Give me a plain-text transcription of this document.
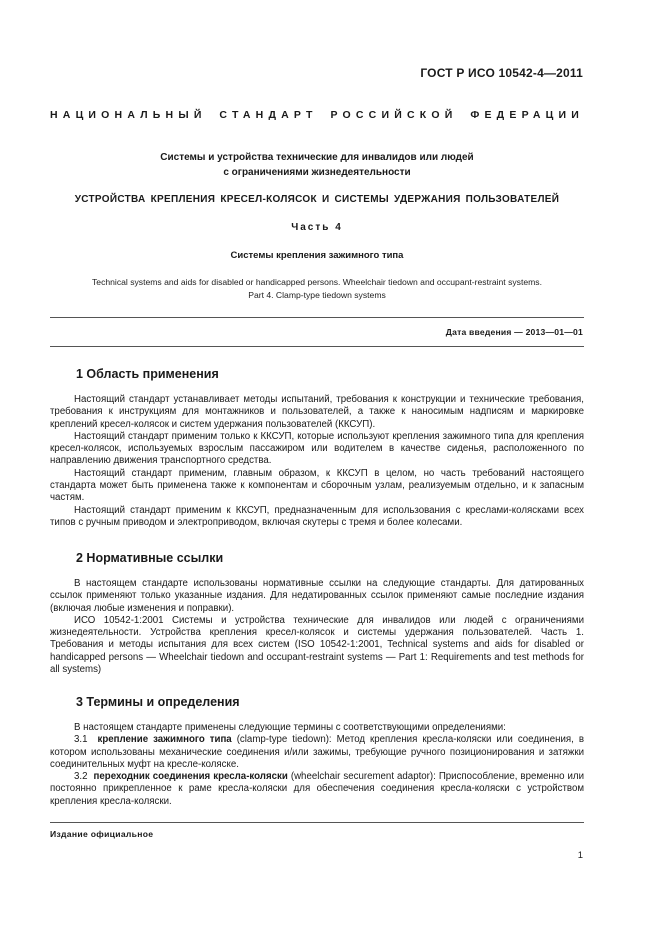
ГОСТ Р ИСО 10542-4—2011
НАЦИОНАЛЬНЫЙ СТАНДАРТ РОССИЙСКОЙ ФЕДЕРАЦИИ
Системы и устройства технические для инвалидов или людей
с ограничениями жизнедеятельности
УСТРОЙСТВА КРЕПЛЕНИЯ КРЕСЕЛ-КОЛЯСОК И СИСТЕМЫ УДЕРЖАНИЯ ПОЛЬЗОВАТЕЛЕЙ
Часть 4
Системы крепления зажимного типа
Technical systems and aids for disabled or handicapped persons. Wheelchair tiedown and occupant-restraint systems.
Part 4. Clamp-type tiedown systems
Дата введения — 2013—01—01
1 Область применения

Настоящий стандарт устанавливает методы испытаний, требования к конструкции и технические требования, требования к инструкциям для монтажников и пользователей, а также к наносимым надписям и маркировке креплений кресел-колясок и систем удержания пользователей (ККСУП).

Настоящий стандарт применим только к ККСУП, которые используют крепления зажимного типа для крепления кресел-колясок, используемых взрослым пассажиром или водителем в качестве сиденья, расположенного по направлению движения транспортного средства.

Настоящий стандарт применим, главным образом, к ККСУП в целом, но часть требований настоящего стандарта может быть применена также к компонентам и сборочным узлам, реализуемым отдельно, и к запасным частям.

Настоящий стандарт применим к ККСУП, предназначенным для использования с креслами-колясками всех типов с ручным приводом и электроприводом, включая скутеры с тремя и более колесами.

2 Нормативные ссылки

В настоящем стандарте использованы нормативные ссылки на следующие стандарты. Для датированных ссылок применяют только указанные издания. Для недатированных ссылок применяют самые последние издания (включая любые изменения и поправки).

ИСО 10542-1:2001 Системы и устройства технические для инвалидов или людей с ограничениями жизнедеятельности. Устройства крепления кресел-колясок и системы удержания пользователей. Часть 1. Требования и методы испытания для всех систем (ISO 10542-1:2001, Technical systems and aids for disabled or handicapped persons — Wheelchair tiedown and occupant-restraint systems — Part 1: Requirements and test methods for all systems)

3 Термины и определения

В настоящем стандарте применены следующие термины с соответствующими определениями:

3.1 крепление зажимного типа (clamp-type tiedown): Метод крепления кресла-коляски или соединения, в котором использованы механические соединения и/или зажимы, требующие ручного позиционирования и затяжки соединительных муфт на кресле-коляске.

3.2 переходник соединения кресла-коляски (wheelchair securement adaptor): Приспособление, временно или постоянно прикрепленное к раме кресла-коляски для обеспечения соединения кресла-коляски с устройством крепления кресла-коляски.

Издание официальное
1
